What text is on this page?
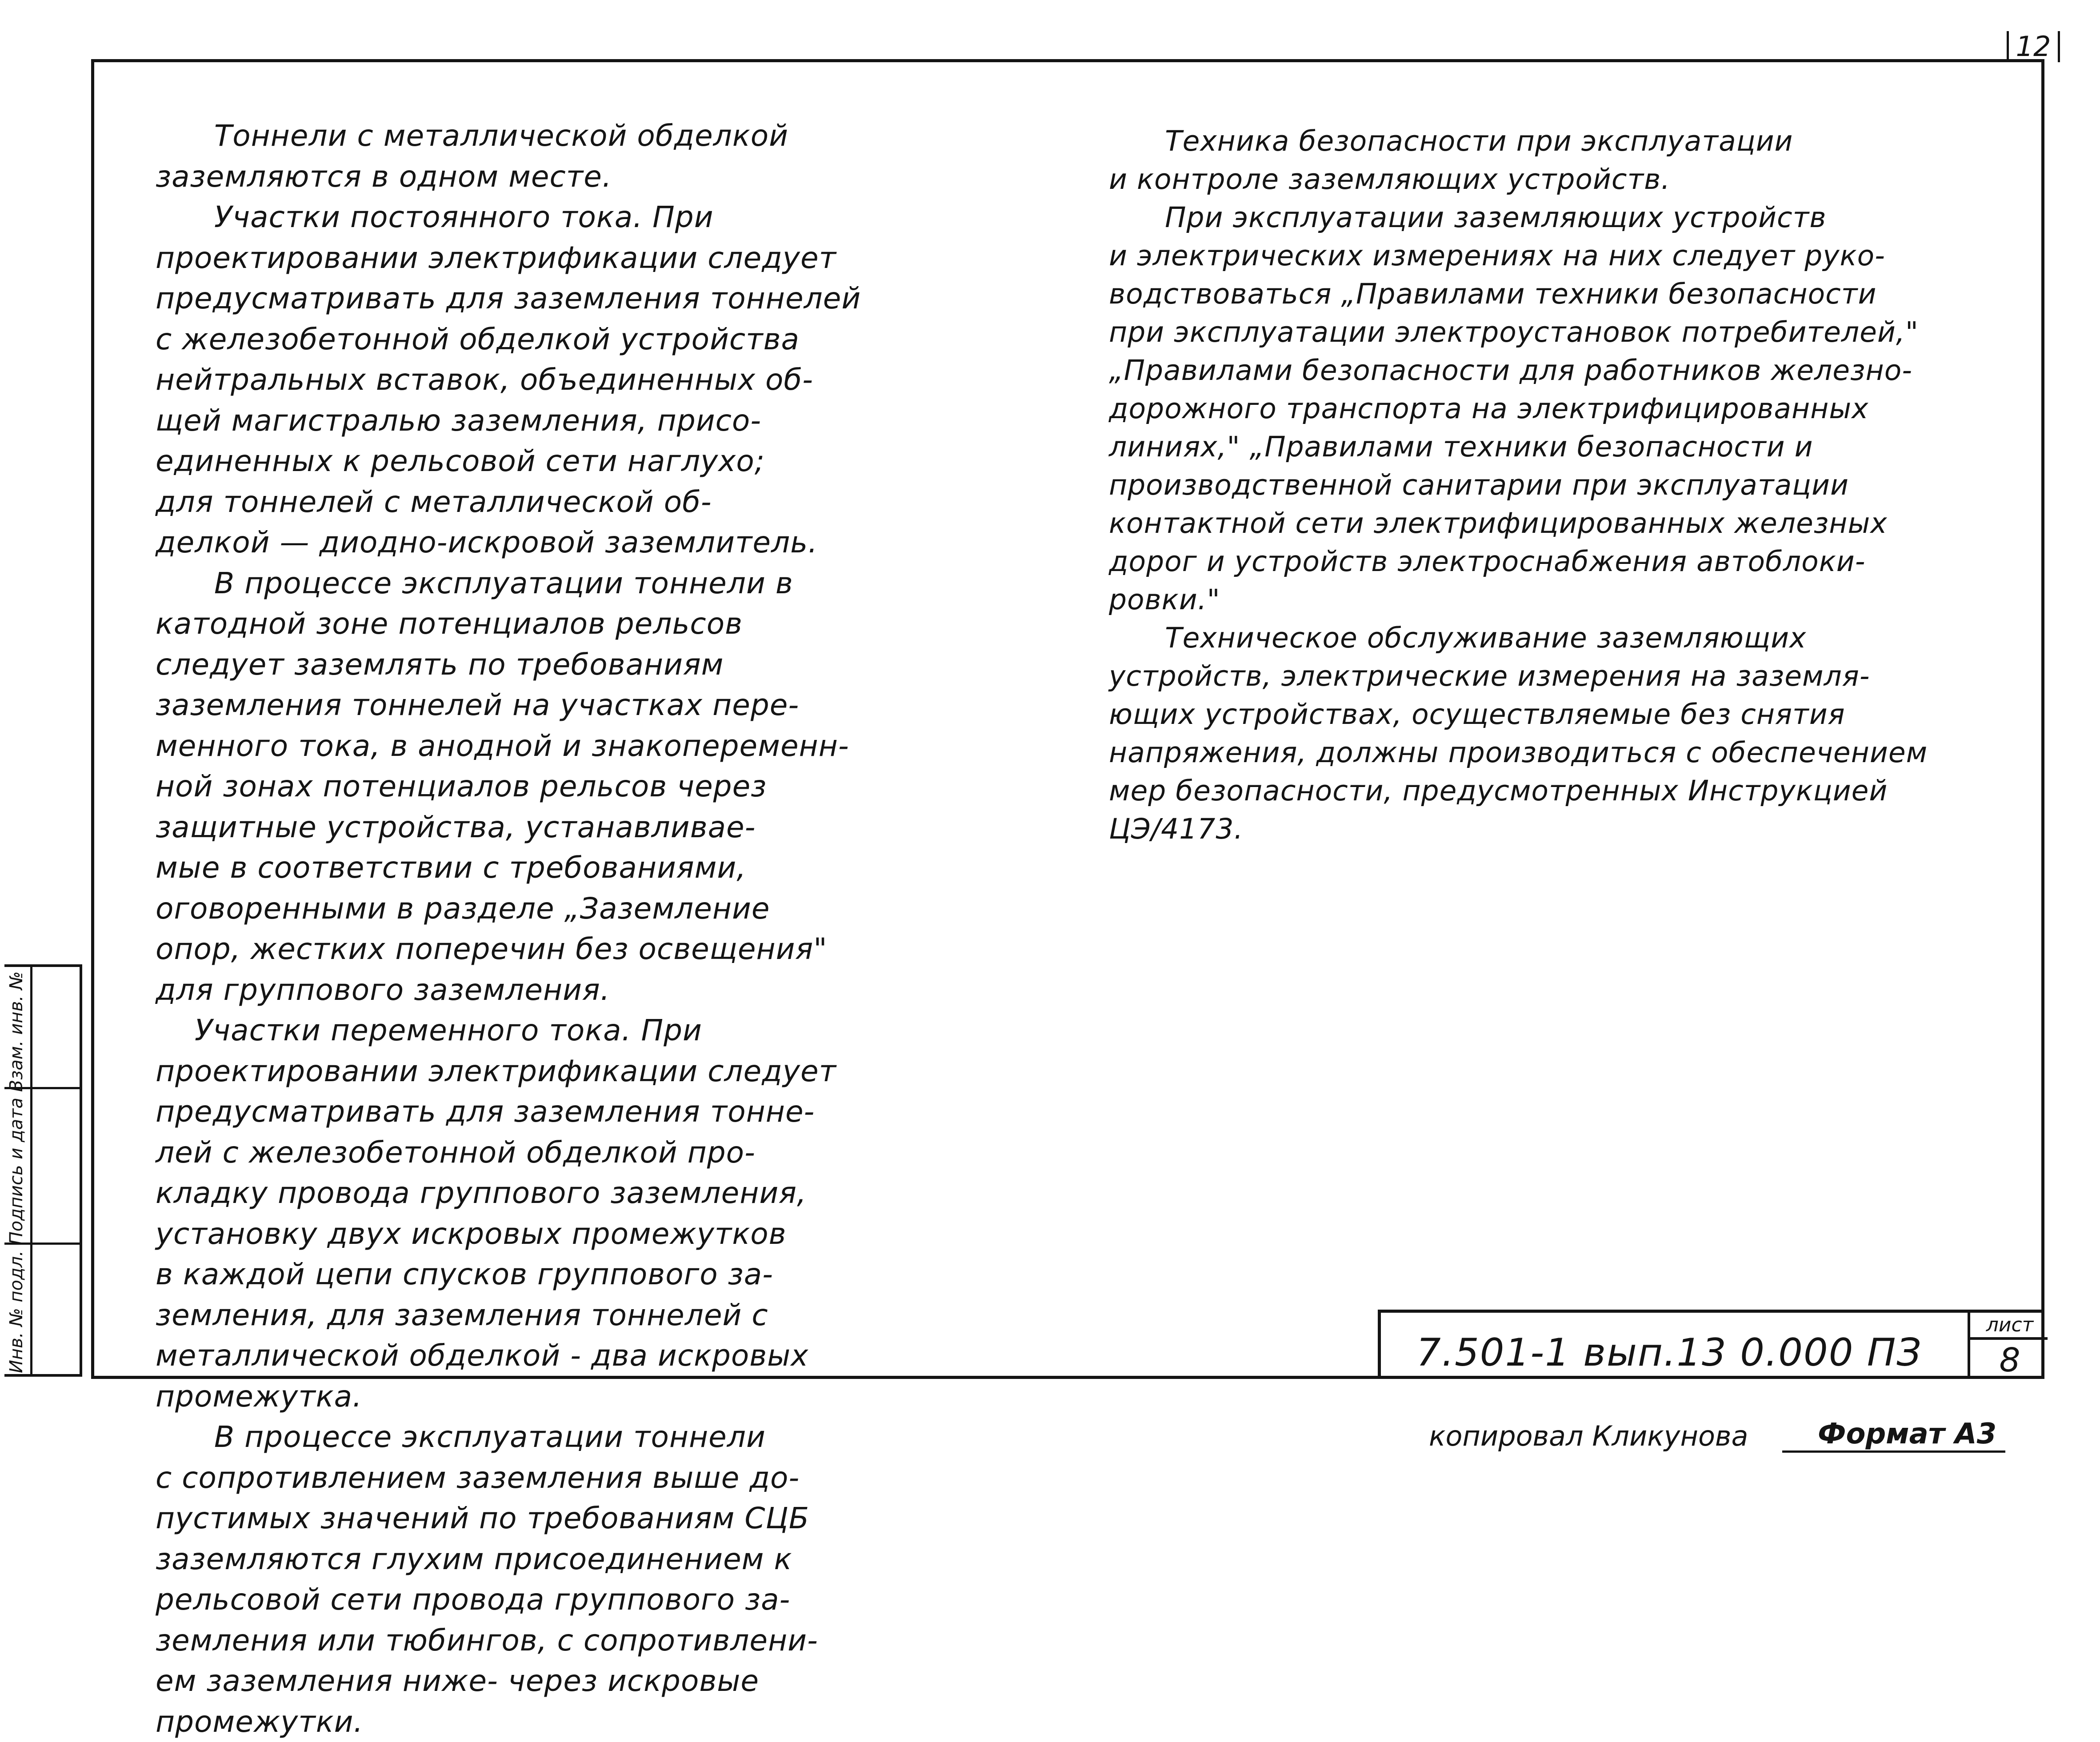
12
Тоннели с металлической обделкой
заземляются в одном месте.
Участки постоянного тока. При
проектировании электрификации следует
предусматривать для заземления тоннелей
с железобетонной обделкой устройства
нейтральных вставок, объединенных об-
щей магистралью заземления, присо-
единенных к рельсовой сети наглухо;
для тоннелей с металлической об-
делкой — диодно-искровой заземлитель.
В процессе эксплуатации тоннели в
катодной зоне потенциалов рельсов
следует заземлять по требованиям
заземления тоннелей на участках пере-
менного тока, в анодной и знакопеременн-
ной зонах потенциалов рельсов через
защитные устройства, устанавливае-
мые в соответствии с требованиями,
оговоренными в разделе „Заземление
опор, жестких поперечин без освещения"
для группового заземления.
Участки переменного тока. При
проектировании электрификации следует
предусматривать для заземления тонне-
лей с железобетонной обделкой про-
кладку провода группового заземления,
установку двух искровых промежутков
в каждой цепи спусков группового за-
земления, для заземления тоннелей с
металлической обделкой - два искровых
промежутка.
В процессе эксплуатации тоннели
с сопротивлением заземления выше до-
пустимых значений по требованиям СЦБ
заземляются глухим присоединением к
рельсовой сети провода группового за-
земления или тюбингов, с сопротивлени-
ем заземления ниже- через искровые
промежутки.
Техника безопасности при эксплуатации
и контроле заземляющих устройств.
При эксплуатации заземляющих устройств
и электрических измерениях на них следует руко-
водствоваться „Правилами техники безопасности
при эксплуатации электроустановок потребителей,"
„Правилами безопасности для работников железно-
дорожного транспорта на электрифицированных
линиях," „Правилами техники безопасности и
производственной санитарии при эксплуатации
контактной сети электрифицированных железных
дорог и устройств электроснабжения автоблоки-
ровки."
Техническое обслуживание заземляющих
устройств, электрические измерения на заземля-
ющих устройствах, осуществляемые без снятия
напряжения, должны производиться с обеспечением
мер безопасности, предусмотренных Инструкцией
ЦЭ/4173.
Инв. № подл. Подпись и дата Взам. инв. №	7.501-1 вып.13 0.000 ПЗ
лист
8
копировал Кликунова	Формат А3
